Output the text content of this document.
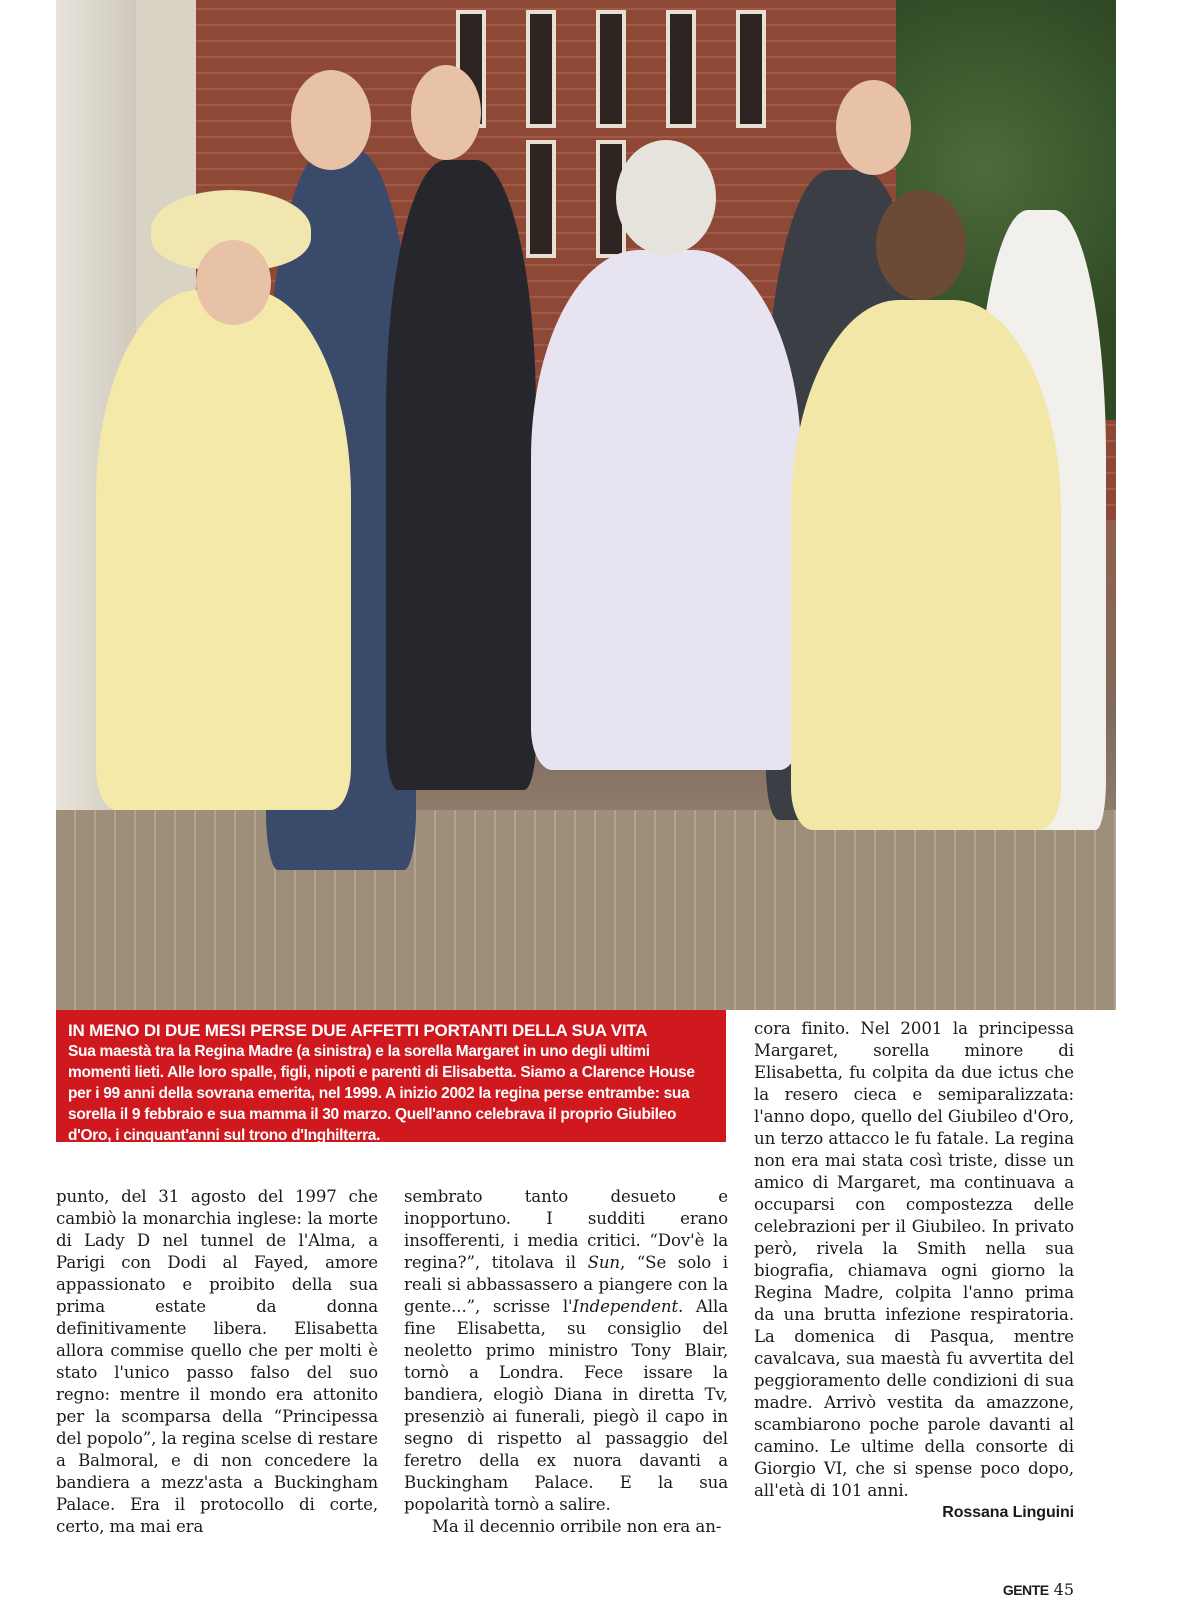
IN MENO DI DUE MESI PERSE DUE AFFETTI PORTANTI DELLA SUA VITA
Sua maestà tra la Regina Madre (a sinistra) e la sorella Margaret in uno degli ultimi momenti lieti. Alle loro spalle, figli, nipoti e parenti di Elisabetta. Siamo a Clarence House per i 99 anni della sovrana emerita, nel 1999. A inizio 2002 la regina perse entrambe: sua sorella il 9 febbraio e sua mamma il 30 marzo. Quell'anno celebrava il proprio Giubileo d'Oro, i cinquant'anni sul trono d'Inghilterra.

punto, del 31 agosto del 1997 che cambiò la monarchia inglese: la morte di Lady D nel tunnel de l'Alma, a Parigi con Dodi al Fayed, amore appassionato e proibito della sua prima estate da donna definitivamente libera. Elisabetta allora commise quello che per molti è stato l'unico passo falso del suo regno: mentre il mondo era attonito per la scomparsa della “Principessa del popolo”, la regina scelse di restare a Balmoral, e di non concedere la bandiera a mezz'asta a Buckingham Palace. Era il protocollo di corte, certo, ma mai era

sembrato tanto desueto e inopportuno. I sudditi erano insofferenti, i media critici. “Dov'è la regina?”, titolava il Sun, “Se solo i reali si abbassassero a piangere con la gente...”, scrisse l'Independent. Alla fine Elisabetta, su consiglio del neoletto primo ministro Tony Blair, tornò a Londra. Fece issare la bandiera, elogiò Diana in diretta Tv, presenziò ai funerali, piegò il capo in segno di rispetto al passaggio del feretro della ex nuora davanti a Buckingham Palace. E la sua popolarità tornò a salire.

Ma il decennio orribile non era an-

cora finito. Nel 2001 la principessa Margaret, sorella minore di Elisabetta, fu colpita da due ictus che la resero cieca e semiparalizzata: l'anno dopo, quello del Giubileo d'Oro, un terzo attacco le fu fatale. La regina non era mai stata così triste, disse un amico di Margaret, ma continuava a occuparsi con compostezza delle celebrazioni per il Giubileo. In privato però, rivela la Smith nella sua biografia, chiamava ogni giorno la Regina Madre, colpita l'anno prima da una brutta infezione respiratoria. La domenica di Pasqua, mentre cavalcava, sua maestà fu avvertita del peggioramento delle condizioni di sua madre. Arrivò vestita da amazzone, scambiarono poche parole davanti al camino. Le ultime della consorte di Giorgio VI, che si spense poco dopo, all'età di 101 anni.

Rossana Linguini

GENTE 45
